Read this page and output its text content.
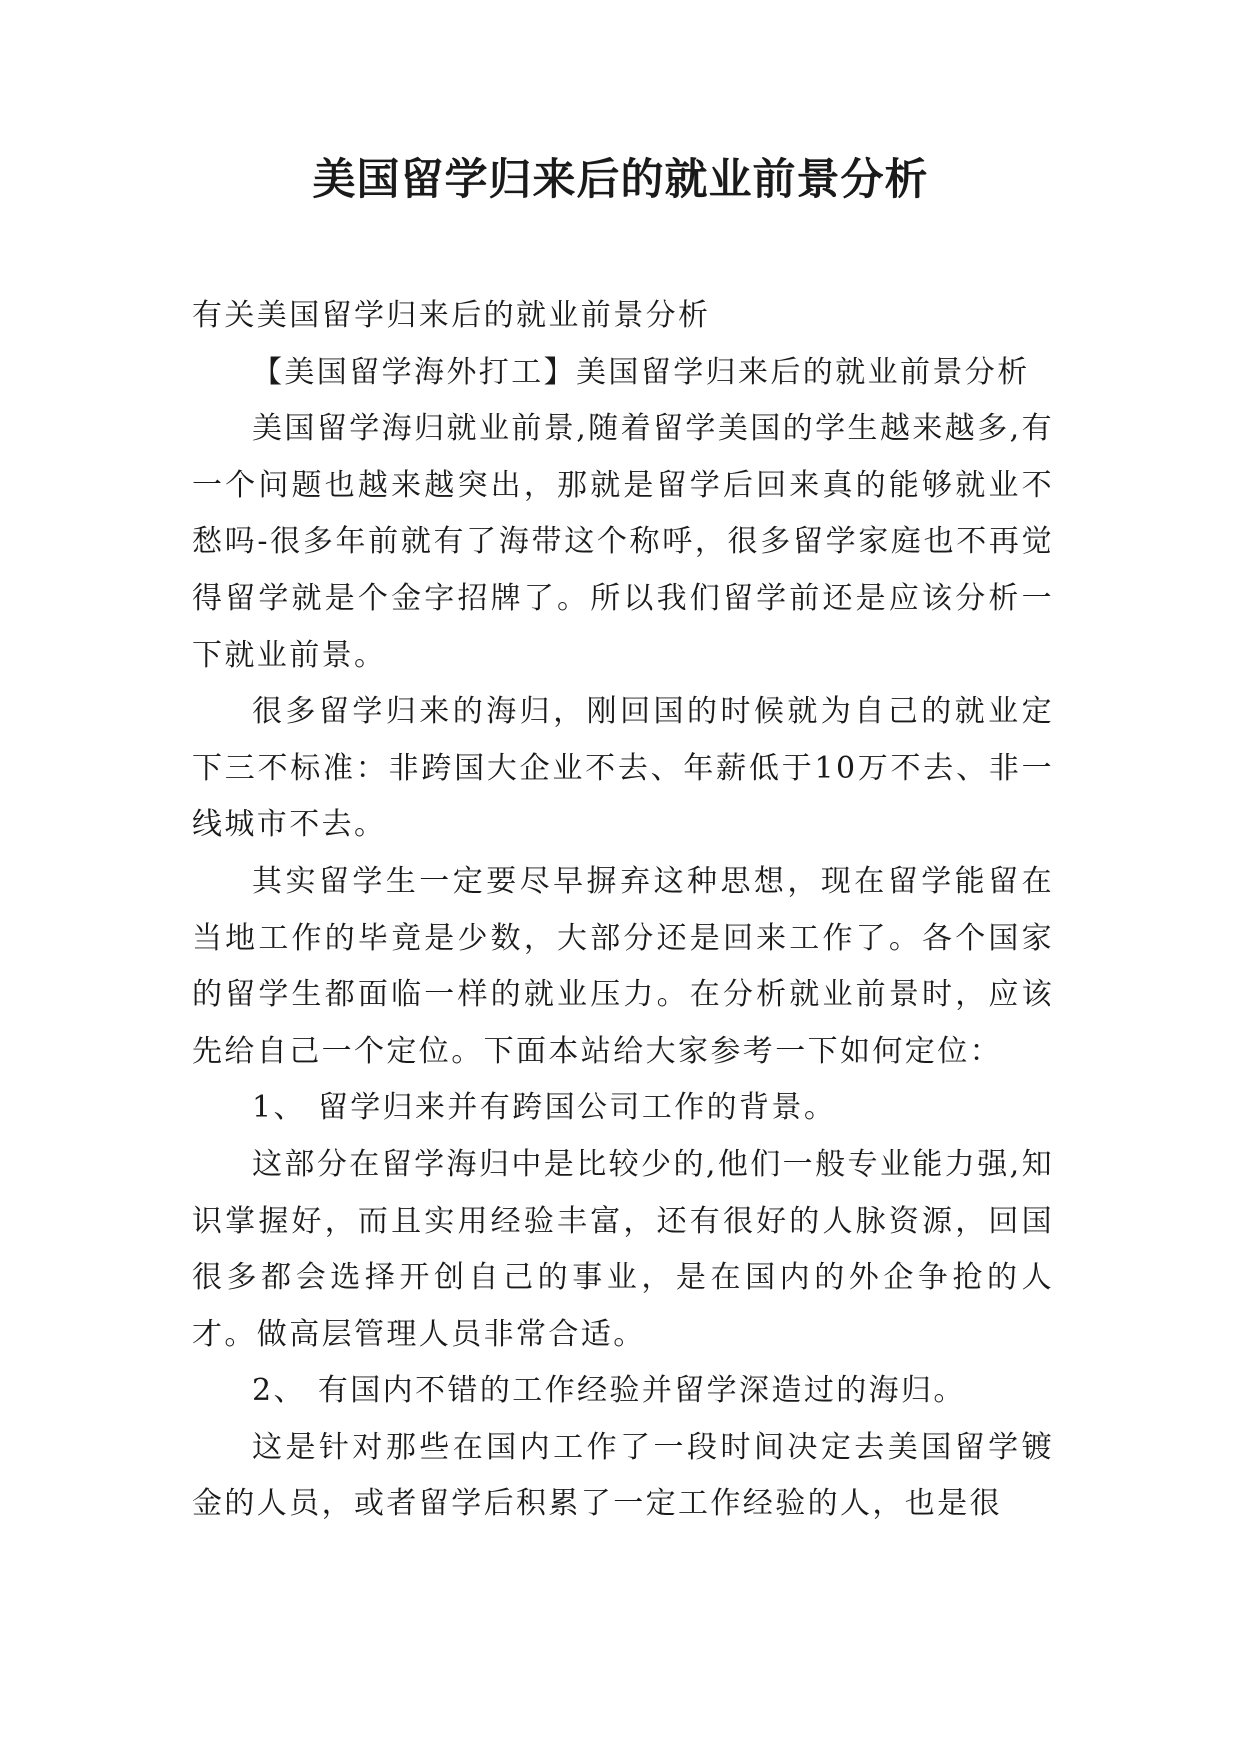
美国留学归来后的就业前景分析

有关美国留学归来后的就业前景分析

【美国留学海外打工】美国留学归来后的就业前景分析

美国留学海归就业前景,随着留学美国的学生越来越多,有一个问题也越来越突出，那就是留学后回来真的能够就业不愁吗-很多年前就有了海带这个称呼，很多留学家庭也不再觉得留学就是个金字招牌了。所以我们留学前还是应该分析一下就业前景。

很多留学归来的海归，刚回国的时候就为自己的就业定下三不标准：非跨国大企业不去、年薪低于10万不去、非一线城市不去。

其实留学生一定要尽早摒弃这种思想，现在留学能留在当地工作的毕竟是少数，大部分还是回来工作了。各个国家的留学生都面临一样的就业压力。在分析就业前景时，应该先给自己一个定位。下面本站给大家参考一下如何定位：

1、 留学归来并有跨国公司工作的背景。

这部分在留学海归中是比较少的,他们一般专业能力强,知识掌握好，而且实用经验丰富，还有很好的人脉资源，回国很多都会选择开创自己的事业，是在国内的外企争抢的人才。做高层管理人员非常合适。

2、 有国内不错的工作经验并留学深造过的海归。

这是针对那些在国内工作了一段时间决定去美国留学镀金的人员，或者留学后积累了一定工作经验的人，也是很
